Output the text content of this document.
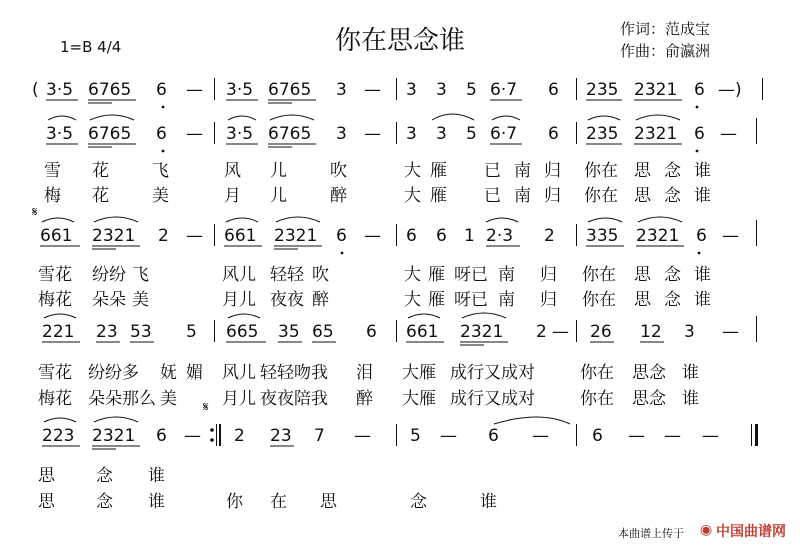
你在思念谁
1=B 4/4
作词：范成宝
作曲：俞瀛洲
𝄋
𝄋
( 3·5 6765 6 — 3·5 6765 3 — 3 3 5 6·7 6 235 2321 6 —)
3·5 6765 6 — 3·5 6765 3 — 3 3 5 6·7 6 235 2321 6 —
雪 花	飞	风 儿	吹	大 雁 已 南 归 你在 思 念 谁
梅 花	美	月 儿	醉	大 雁 已 南 归 你在 思 念 谁
661 2321 2 — 661 2321 6 — 6 6 1 2·3 2 335 2321 6 —
雪花 纷纷 飞	风儿 轻轻 吹	大 雁 呀已 南 归 你在 思 念 谁
梅花 朵朵 美	月儿 夜夜 醉	大 雁 呀已 南 归 你在 思 念 谁
221 23 53 5 665 35 65 6 661 2321 2 — 26 12 3 —
雪花 纷纷多 妩 媚 风儿 轻轻吻我 泪 大雁 成行又成对	你在 思念 谁
梅花 朵朵那么 美	月儿 夜夜陪我 醉 大雁 成行又成对	你在 思念 谁
223 2321 6 — 2 23 7 — 5 — 6 —	6 — — —
思 念 谁
思 念 谁	你 在 思	念	谁
本曲谱上传于 ◉ 中国曲谱网
